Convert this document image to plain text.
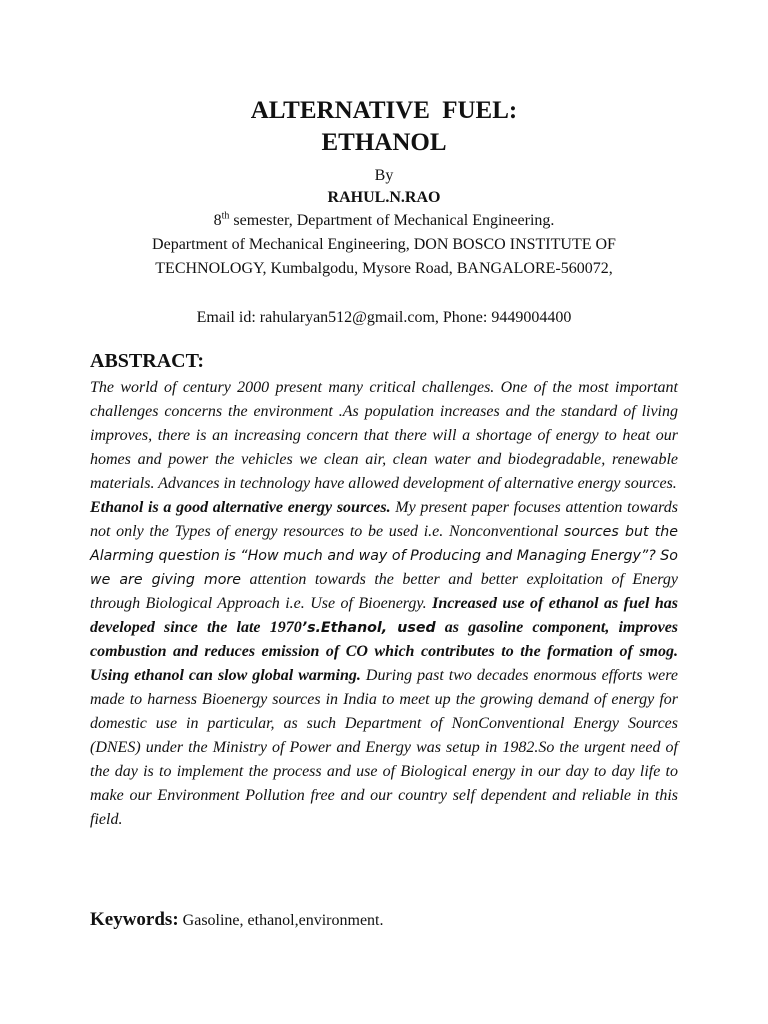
ALTERNATIVE FUEL:
ETHANOL
By
RAHUL.N.RAO
8th semester, Department of Mechanical Engineering.
Department of Mechanical Engineering, DON BOSCO INSTITUTE OF
TECHNOLOGY, Kumbalgodu, Mysore Road, BANGALORE-560072,
Email id: rahularyan512@gmail.com, Phone: 9449004400
ABSTRACT:

The world of century 2000 present many critical challenges. One of the most important challenges concerns the environment .As population increases and the standard of living improves, there is an increasing concern that there will a shortage of energy to heat our homes and power the vehicles we clean air, clean water and biodegradable, renewable materials. Advances in technology have allowed development of alternative energy sources.

Ethanol is a good alternative energy sources. My present paper focuses attention towards not only the Types of energy resources to be used i.e. Nonconventional sources but the Alarming question is “How much and way of Producing and Managing Energy”? So we are giving more attention towards the better and better exploitation of Energy through Biological Approach i.e. Use of Bioenergy. Increased use of ethanol as fuel has developed since the late 1970’s.Ethanol, used as gasoline component, improves combustion and reduces emission of CO which contributes to the formation of smog. Using ethanol can slow global warming. During past two decades enormous efforts were made to harness Bioenergy sources in India to meet up the growing demand of energy for domestic use in particular, as such Department of NonConventional Energy Sources (DNES) under the Ministry of Power and Energy was setup in 1982.So the urgent need of the day is to implement the process and use of Biological energy in our day to day life to make our Environment Pollution free and our country self dependent and reliable in this field.

Keywords: Gasoline, ethanol,environment.
